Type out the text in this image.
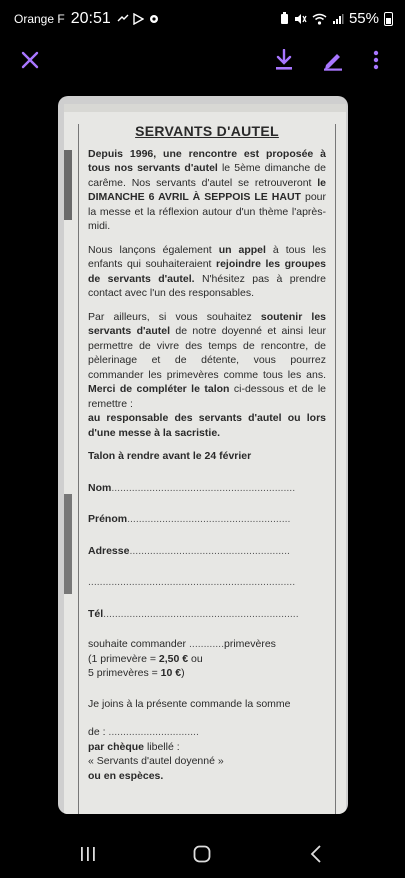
Orange F 20:51	55%
SERVANTS D'AUTEL

Depuis 1996, une rencontre est proposée à tous nos servants d'autel le 5ème dimanche de carême. Nos servants d'autel se retrouveront le DIMANCHE 6 AVRIL À SEPPOIS LE HAUT pour la messe et la réflexion autour d'un thème l'après-midi.

Nous lançons également un appel à tous les enfants qui souhaiteraient rejoindre les groupes de servants d'autel. N'hésitez pas à prendre contact avec l'un des responsables.

Par ailleurs, si vous souhaitez soutenir les servants d'autel de notre doyenné et ainsi leur permettre de vivre des temps de rencontre, de pèlerinage et de détente, vous pourrez commander les primevères comme tous les ans. Merci de compléter le talon ci-dessous et de le remettre :
au responsable des servants d'autel ou lors d'une messe à la sacristie.

Talon à rendre avant le 24 février
Nom...............................................................
Prénom........................................................
Adresse.......................................................
.......................................................................
Tél...................................................................
souhaite commander ............primevères
(1 primevère = 2,50 € ou
5 primevères = 10 €)
Je joins à la présente commande la somme
de : ...............................
par chèque libellé :
« Servants d'autel doyenné »
ou en espèces.
